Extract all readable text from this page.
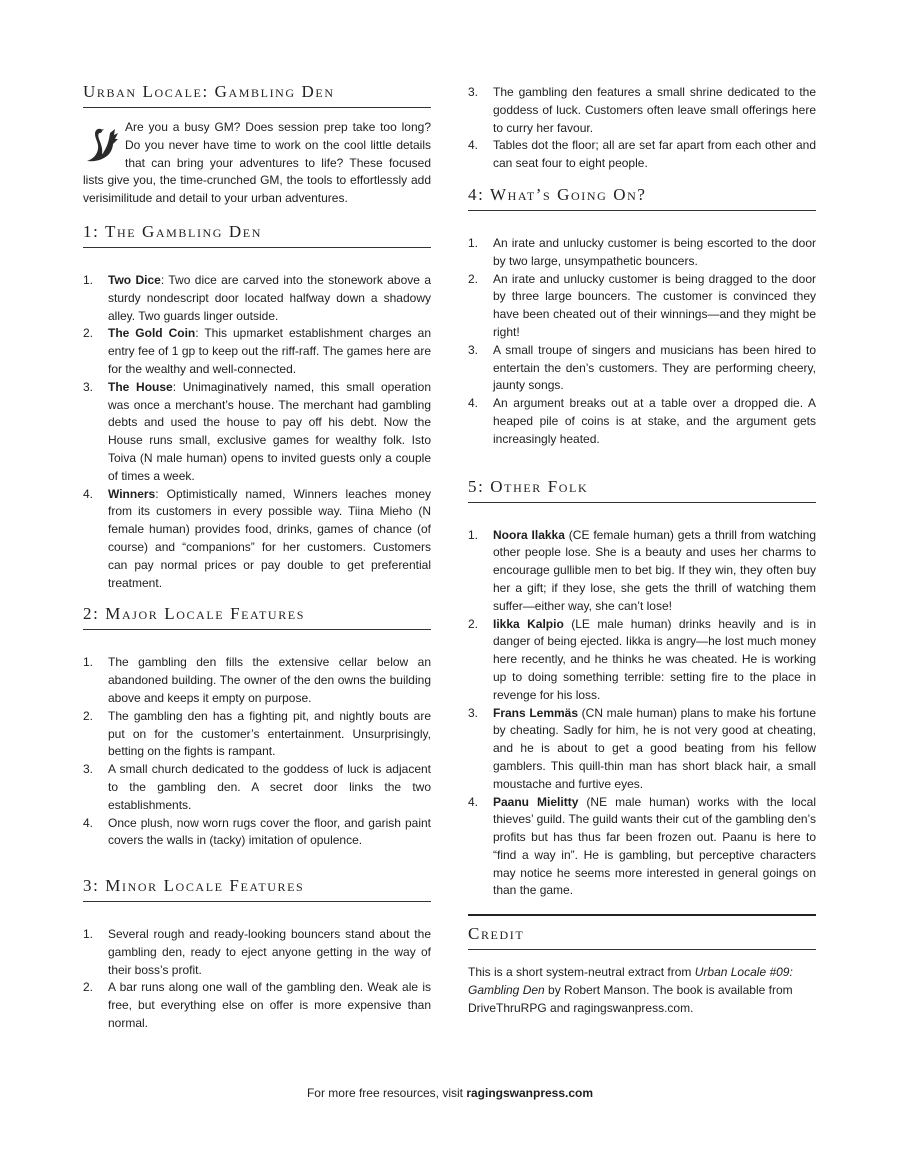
Urban Locale: Gambling Den

Are you a busy GM? Does session prep take too long? Do you never have time to work on the cool little details that can bring your adventures to life? These focused lists give you, the time-crunched GM, the tools to effortlessly add verisimilitude and detail to your urban adventures.

1: The Gambling Den
1. Two Dice: Two dice are carved into the stonework above a sturdy nondescript door located halfway down a shadowy alley. Two guards linger outside.
2. The Gold Coin: This upmarket establishment charges an entry fee of 1 gp to keep out the riff-raff. The games here are for the wealthy and well-connected.
3. The House: Unimaginatively named, this small operation was once a merchant’s house. The merchant had gambling debts and used the house to pay off his debt. Now the House runs small, exclusive games for wealthy folk. Isto Toiva (N male human) opens to invited guests only a couple of times a week.
4. Winners: Optimistically named, Winners leaches money from its customers in every possible way. Tiina Mieho (N female human) provides food, drinks, games of chance (of course) and “companions” for her customers. Customers can pay normal prices or pay double to get preferential treatment.
2: Major Locale Features
1. The gambling den fills the extensive cellar below an abandoned building. The owner of the den owns the building above and keeps it empty on purpose.
2. The gambling den has a fighting pit, and nightly bouts are put on for the customer’s entertainment. Unsurprisingly, betting on the fights is rampant.
3. A small church dedicated to the goddess of luck is adjacent to the gambling den. A secret door links the two establishments.
4. Once plush, now worn rugs cover the floor, and garish paint covers the walls in (tacky) imitation of opulence.
3: Minor Locale Features
1. Several rough and ready-looking bouncers stand about the gambling den, ready to eject anyone getting in the way of their boss’s profit.
2. A bar runs along one wall of the gambling den. Weak ale is free, but everything else on offer is more expensive than normal.
3. The gambling den features a small shrine dedicated to the goddess of luck. Customers often leave small offerings here to curry her favour.
4. Tables dot the floor; all are set far apart from each other and can seat four to eight people.
4: What’s Going On?
1. An irate and unlucky customer is being escorted to the door by two large, unsympathetic bouncers.
2. An irate and unlucky customer is being dragged to the door by three large bouncers. The customer is convinced they have been cheated out of their winnings—and they might be right!
3. A small troupe of singers and musicians has been hired to entertain the den’s customers. They are performing cheery, jaunty songs.
4. An argument breaks out at a table over a dropped die. A heaped pile of coins is at stake, and the argument gets increasingly heated.
5: Other Folk
1. Noora Ilakka (CE female human) gets a thrill from watching other people lose. She is a beauty and uses her charms to encourage gullible men to bet big. If they win, they often buy her a gift; if they lose, she gets the thrill of watching them suffer—either way, she can’t lose!
2. Iikka Kalpio (LE male human) drinks heavily and is in danger of being ejected. Iikka is angry—he lost much money here recently, and he thinks he was cheated. He is working up to doing something terrible: setting fire to the place in revenge for his loss.
3. Frans Lemmäs (CN male human) plans to make his fortune by cheating. Sadly for him, he is not very good at cheating, and he is about to get a good beating from his fellow gamblers. This quill-thin man has short black hair, a small moustache and furtive eyes.
4. Paanu Mielitty (NE male human) works with the local thieves’ guild. The guild wants their cut of the gambling den’s profits but has thus far been frozen out. Paanu is here to “find a way in”. He is gambling, but perceptive characters may notice he seems more interested in general goings on than the game.
Credit

This is a short system-neutral extract from Urban Locale #09: Gambling Den by Robert Manson. The book is available from DriveThruRPG and ragingswanpress.com.

For more free resources, visit ragingswanpress.com
